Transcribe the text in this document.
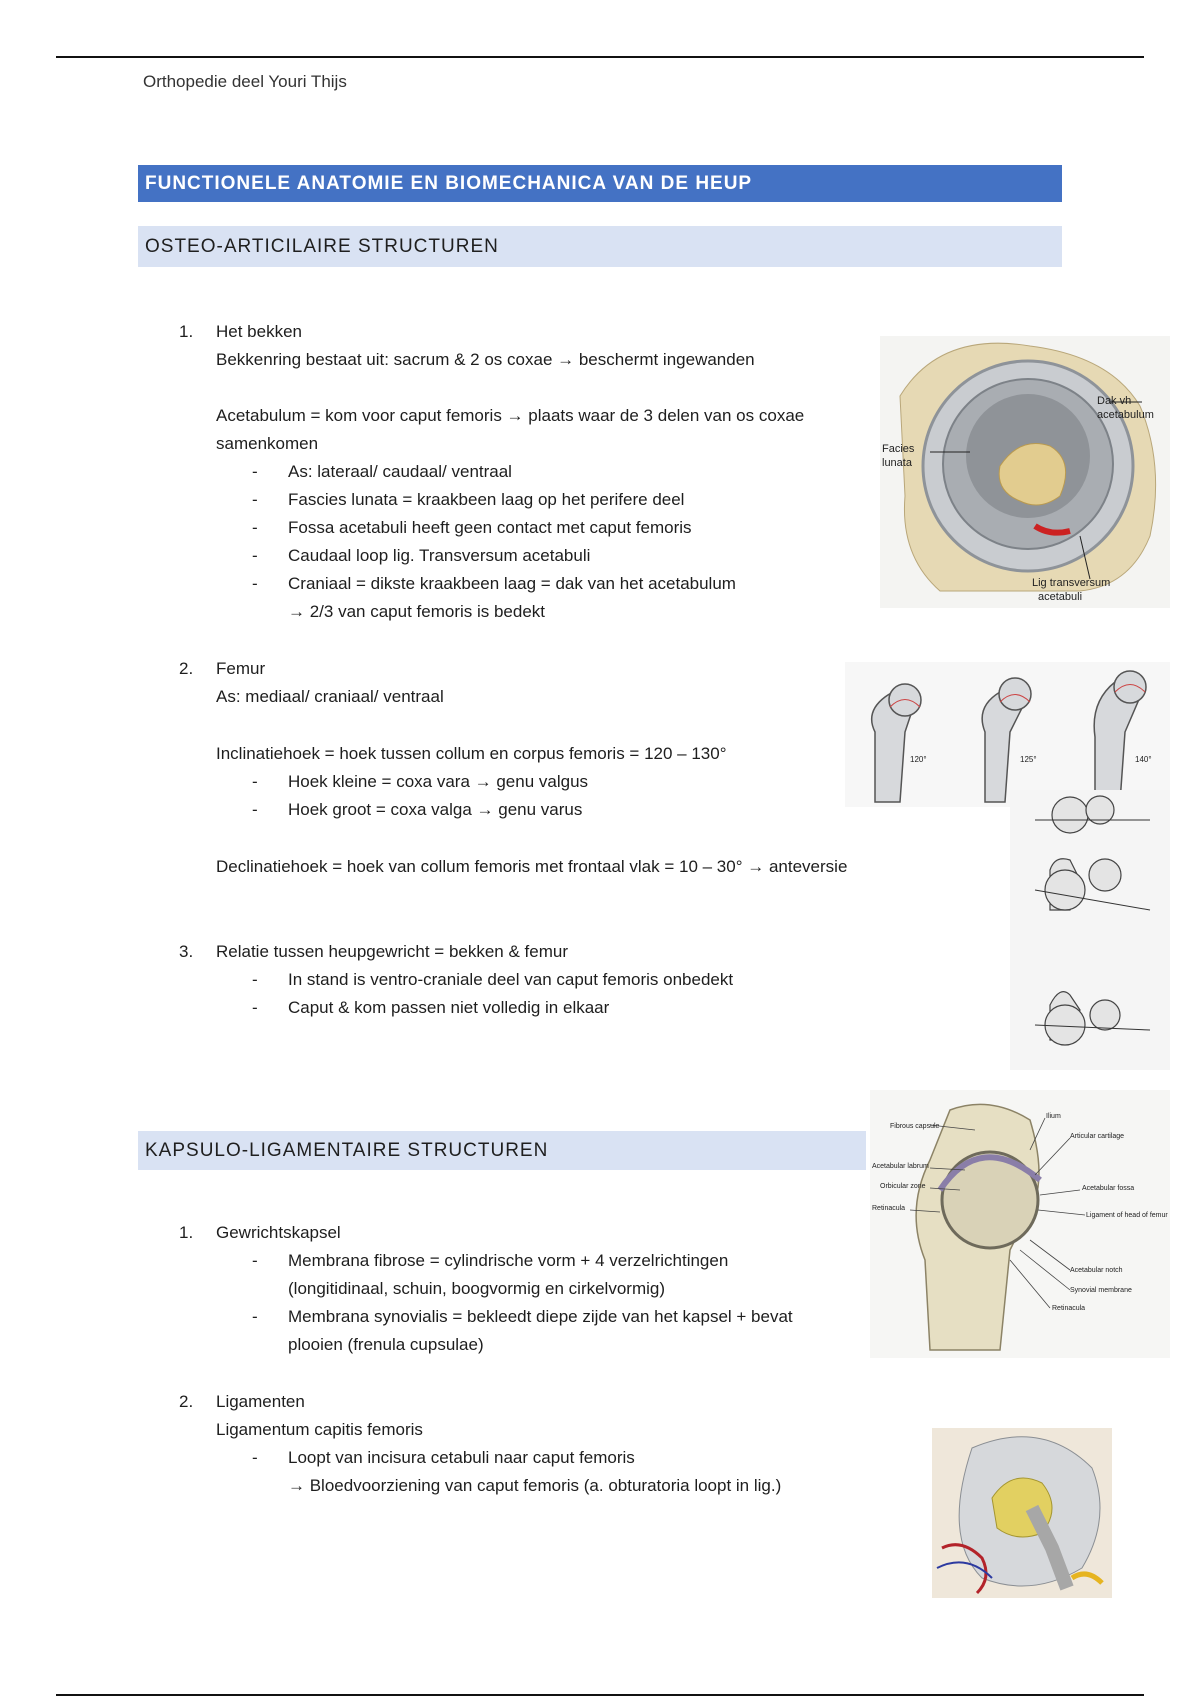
Orthopedie deel Youri Thijs
FUNCTIONELE ANATOMIE EN BIOMECHANICA VAN DE HEUP
OSTEO-ARTICILAIRE STRUCTUREN
1. Het bekken
Bekkenring bestaat uit: sacrum & 2 os coxae → beschermt ingewanden
Acetabulum = kom voor caput femoris → plaats waar de 3 delen van os coxae
samenkomen
- As: lateraal/ caudaal/ ventraal
- Fascies lunata = kraakbeen laag op het perifere deel
- Fossa acetabuli heeft geen contact met caput femoris
- Caudaal loop lig. Transversum acetabuli
- Craniaal = dikste kraakbeen laag = dak van het acetabulum
→ 2/3 van caput femoris is bedekt
2. Femur
As: mediaal/ craniaal/ ventraal
Inclinatiehoek = hoek tussen collum en corpus femoris = 120 – 130°
- Hoek kleine = coxa vara → genu valgus
- Hoek groot = coxa valga → genu varus
Declinatiehoek = hoek van collum femoris met frontaal vlak = 10 – 30° → anteversie
3. Relatie tussen heupgewricht = bekken & femur
- In stand is ventro-craniale deel van caput femoris onbedekt
- Caput & kom passen niet volledig in elkaar
KAPSULO-LIGAMENTAIRE STRUCTUREN
1. Gewrichtskapsel
- Membrana fibrose = cylindrische vorm + 4 verzelrichtingen
(longitidinaal, schuin, boogvormig en cirkelvormig)
- Membrana synovialis = bekleedt diepe zijde van het kapsel + bevat
plooien (frenula cupsulae)
2. Ligamenten
Ligamentum capitis femoris
- Loopt van incisura cetabuli naar caput femoris
→ Bloedvoorziening van caput femoris (a. obturatoria loopt in lig.)
Dak vh
acetabulum
Facies
lunata
Lig transversum
acetabuli
120°	125°	140°
Fibrous capsule
Acetabular labrum
Orbicular zone
Retinacula
Ilium
Articular cartilage
Acetabular fossa
Ligament of head of femur
Acetabular notch
Synovial membrane
Retinacula
